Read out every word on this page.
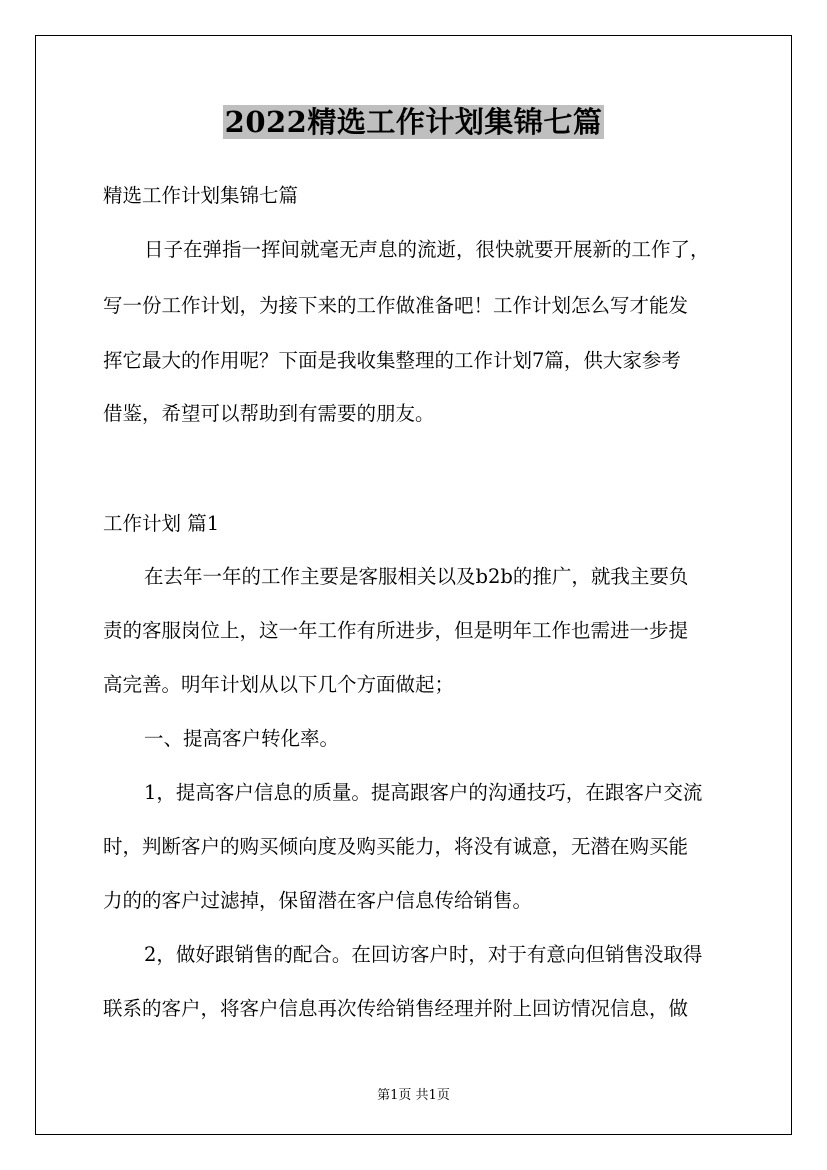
2022精选工作计划集锦七篇
精选工作计划集锦七篇
日子在弹指一挥间就毫无声息的流逝，很快就要开展新的工作了，
写一份工作计划，为接下来的工作做准备吧！工作计划怎么写才能发
挥它最大的作用呢？下面是我收集整理的工作计划7篇，供大家参考
借鉴，希望可以帮助到有需要的朋友。
工作计划 篇1
在去年一年的工作主要是客服相关以及b2b的推广，就我主要负
责的客服岗位上，这一年工作有所进步，但是明年工作也需进一步提
高完善。明年计划从以下几个方面做起；
一、提高客户转化率。
1，提高客户信息的质量。提高跟客户的沟通技巧，在跟客户交流
时，判断客户的购买倾向度及购买能力，将没有诚意，无潜在购买能
力的的客户过滤掉，保留潜在客户信息传给销售。
2，做好跟销售的配合。在回访客户时，对于有意向但销售没取得
联系的客户，将客户信息再次传给销售经理并附上回访情况信息，做
第1页 共1页
